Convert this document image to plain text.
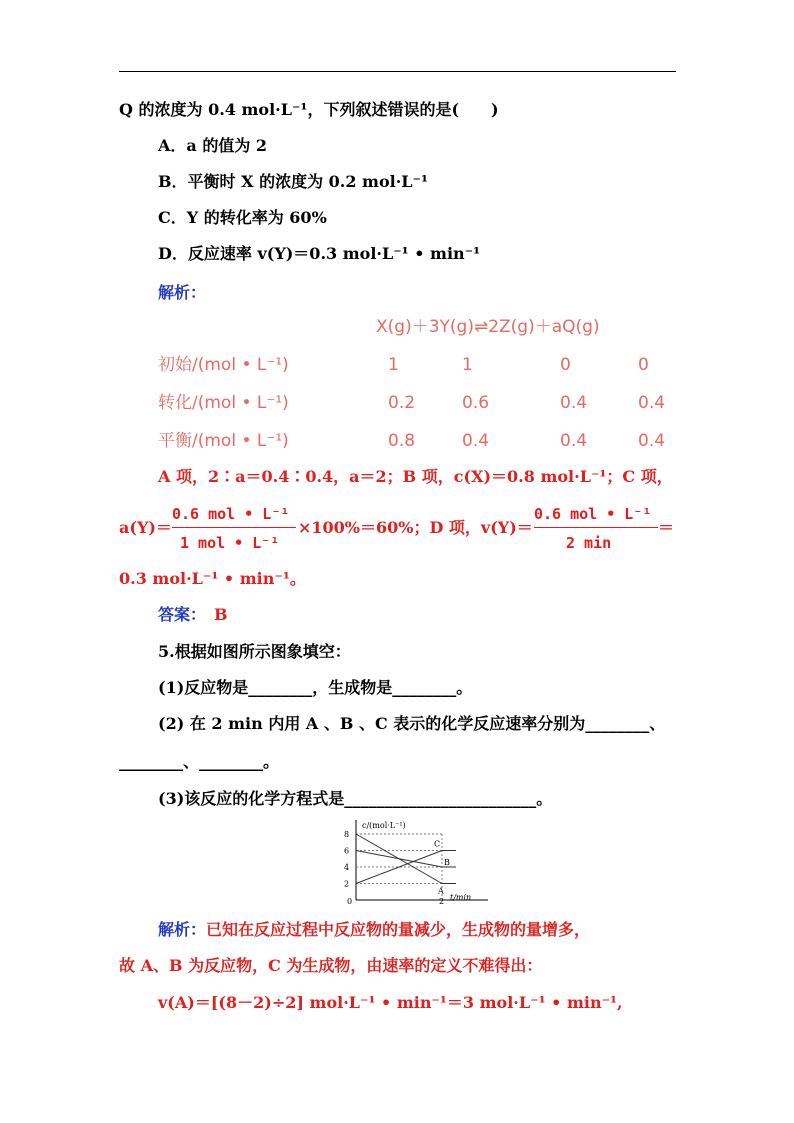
Q 的浓度为 0.4 mol·L⁻¹，下列叙述错误的是(　　)
A．a 的值为 2
B．平衡时 X 的浓度为 0.2 mol·L⁻¹
C．Y 的转化率为 60%
D．反应速率 v(Y)＝0.3 mol·L⁻¹ • min⁻¹
解析：
X(g)＋3Y(g)⇌2Z(g)＋aQ(g)
初始/(mol • L⁻¹)	1	1	0	0
转化/(mol • L⁻¹)	0.2	0.6	0.4	0.4
平衡/(mol • L⁻¹)	0.8	0.4	0.4	0.4
A 项，2∶a＝0.4∶0.4，a＝2；B 项，c(X)＝0.8 mol·L⁻¹；C 项，
a(Y)＝
0.6 mol • L⁻¹
1 mol • L⁻¹
×100%＝60%；D 项，v(Y)＝
0.6 mol • L⁻¹
2 min
＝
0.3 mol·L⁻¹ • min⁻¹。
答案： B
5.根据如图所示图象填空：
(1)反应物是________，生成物是________。
(2) 在 2 min 内用 A 、B 、C 表示的化学反应速率分别为________、
________、________。
(3)该反应的化学方程式是________________________。
c/(mol·L⁻¹)
t/min
0
2
4
6
8
2
A
B
C
解析：已知在反应过程中反应物的量减少，生成物的量增多，
故 A、B 为反应物，C 为生成物，由速率的定义不难得出：
v(A)＝[(8－2)÷2] mol·L⁻¹ • min⁻¹＝3 mol·L⁻¹ • min⁻¹,
